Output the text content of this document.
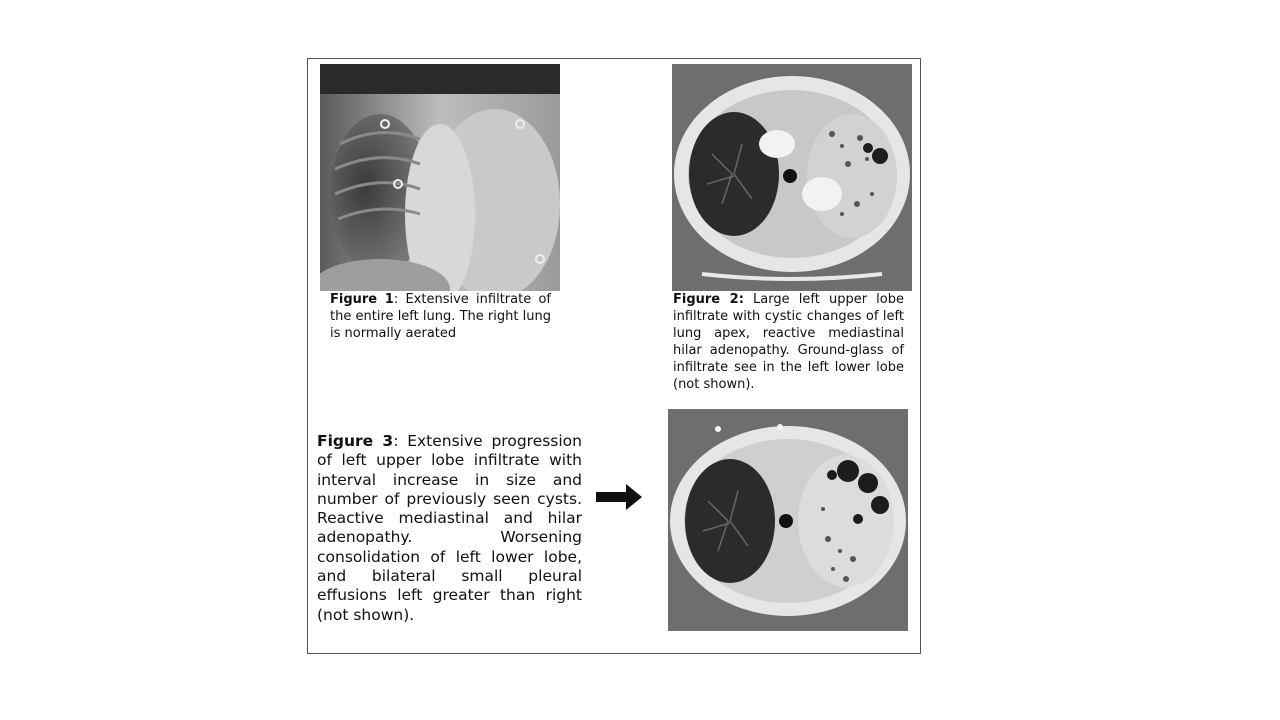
Figure 1: Extensive infiltrate of the entire left lung. The right lung is normally aerated
Figure 2: Large left upper lobe infiltrate with cystic changes of left lung apex, reactive mediastinal hilar adenopathy. Ground-glass of infiltrate see in the left lower lobe (not shown).
Figure 3: Extensive progression of left upper lobe infiltrate with interval increase in size and number of previously seen cysts. Reactive mediastinal and hilar adenopathy. Worsening consolidation of left lower lobe, and bilateral small pleural effusions left greater than right (not shown).
